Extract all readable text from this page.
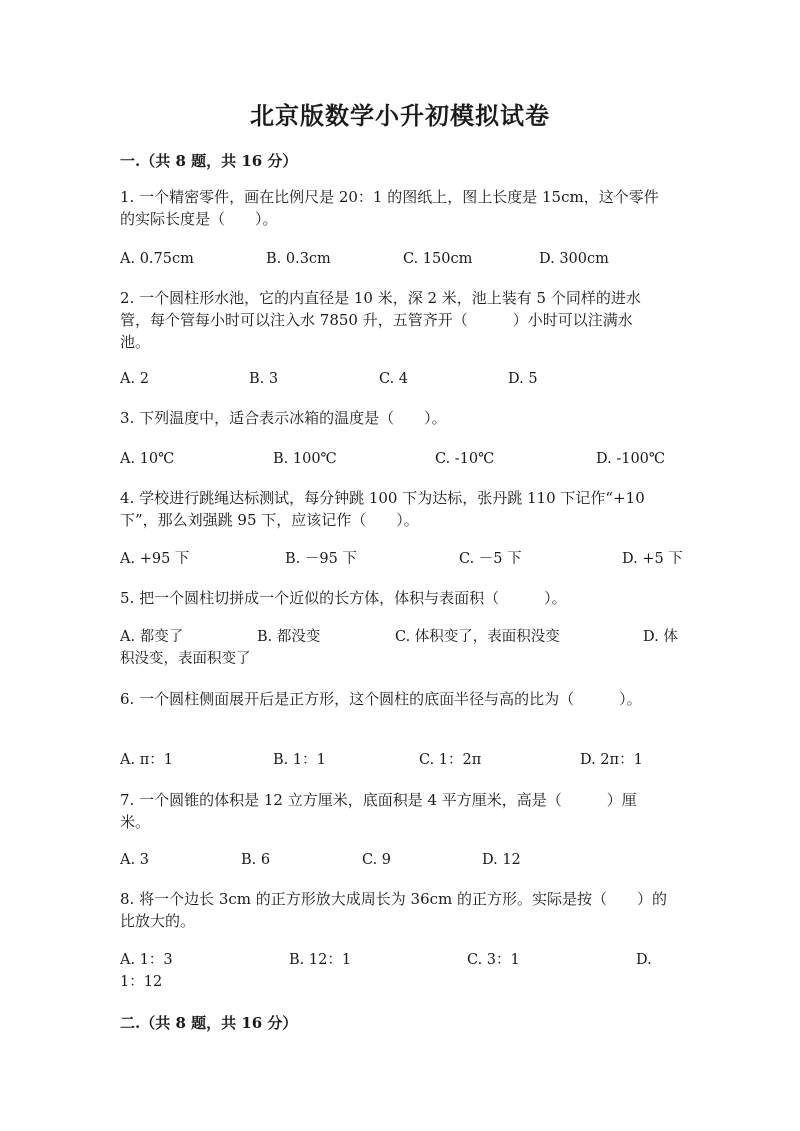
北京版数学小升初模拟试卷
一.（共 8 题，共 16 分）
1. 一个精密零件，画在比例尺是 20：1 的图纸上，图上长度是 15cm，这个零件
的实际长度是（　　）。
A. 0.75cm	B. 0.3cm	C. 150cm	D. 300cm
2. 一个圆柱形水池，它的内直径是 10 米，深 2 米，池上装有 5 个同样的进水
管，每个管每小时可以注入水 7850 升，五管齐开（　　　）小时可以注满水
池。
A. 2	B. 3	C. 4	D. 5
3. 下列温度中，适合表示冰箱的温度是（　　）。
A. 10℃	B. 100℃	C. -10℃	D. -100℃
4. 学校进行跳绳达标测试，每分钟跳 100 下为达标，张丹跳 110 下记作“+10
下”，那么刘强跳 95 下，应该记作（　　）。
A. +95 下	B. －95 下	C. －5 下	D. +5 下
5. 把一个圆柱切拼成一个近似的长方体，体积与表面积（　　　）。
A. 都变了	B. 都没变	C. 体积变了，表面积没变	D. 体积没变，表面积变了
6. 一个圆柱侧面展开后是正方形，这个圆柱的底面半径与高的比为（　　　）。
A. π：1	B. 1：1	C. 1：2π	D. 2π：1
7. 一个圆锥的体积是 12 立方厘米，底面积是 4 平方厘米，高是（　　　）厘
米。
A. 3	B. 6	C. 9	D. 12
8. 将一个边长 3cm 的正方形放大成周长为 36cm 的正方形。实际是按（　　）的
比放大的。
A. 1：3	B. 12：1	C. 3：1	D. 1：12
二.（共 8 题，共 16 分）
